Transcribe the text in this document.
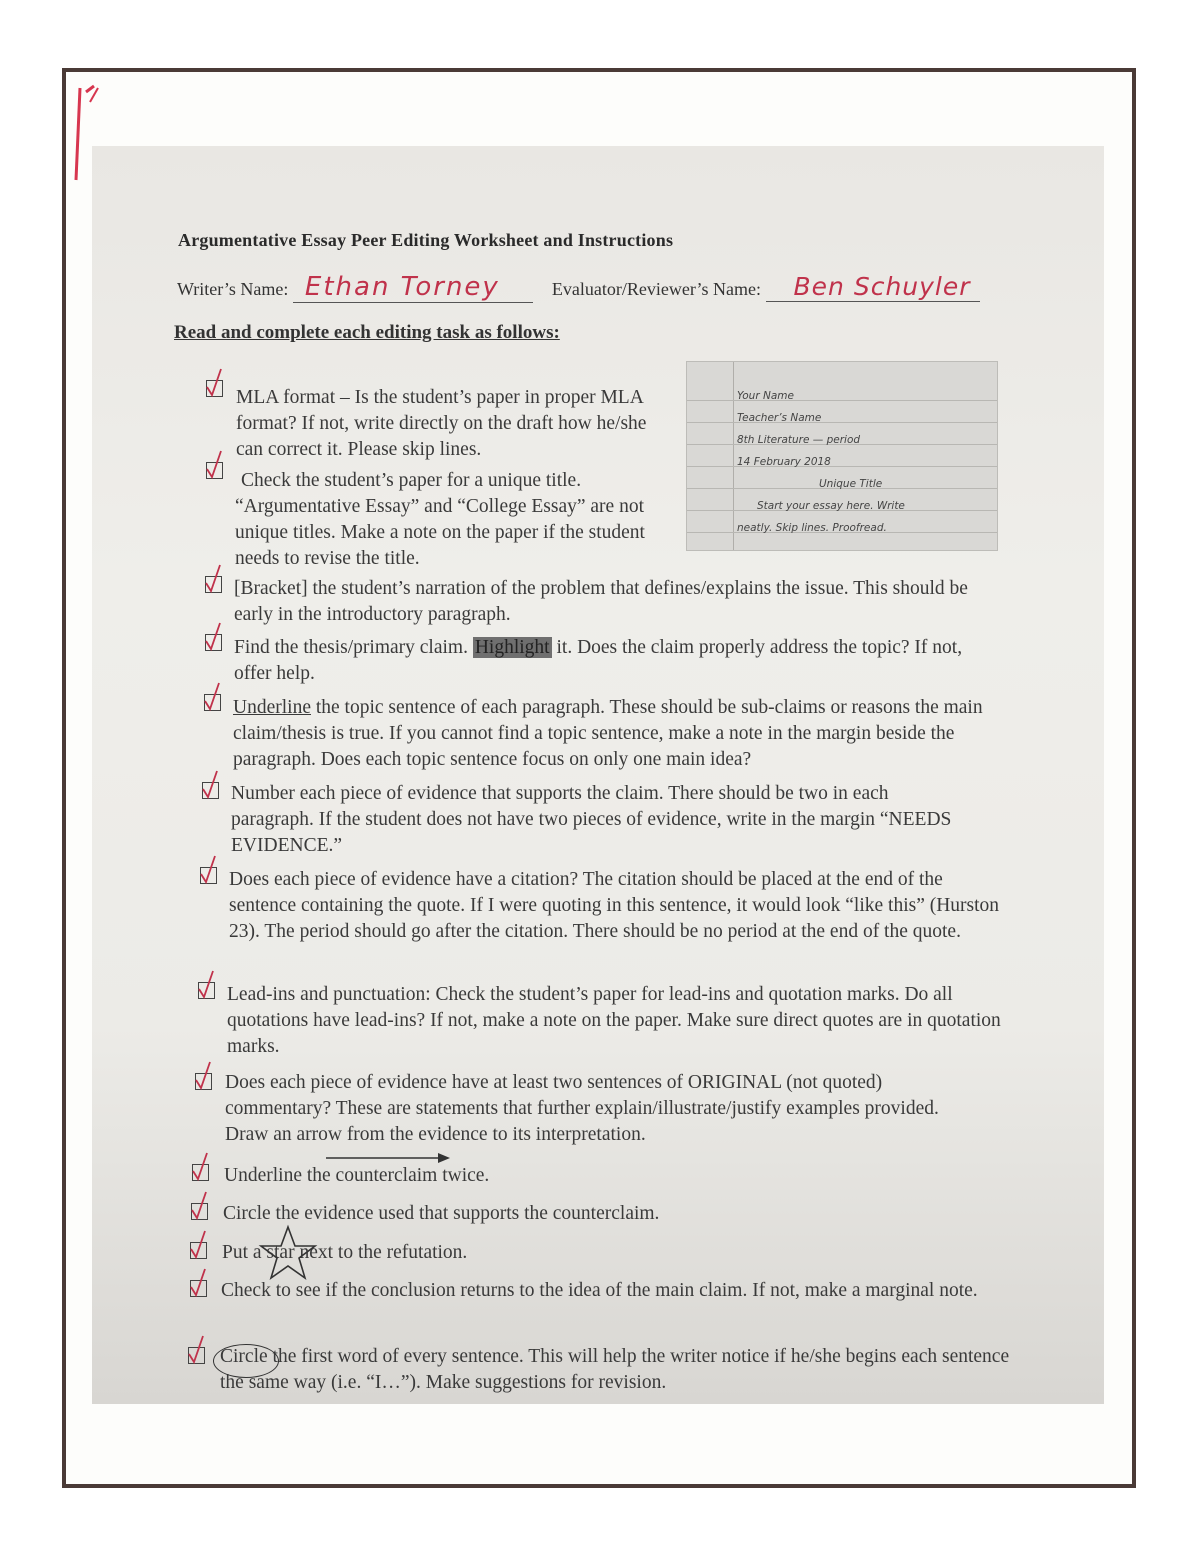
Argumentative Essay Peer Editing Worksheet and Instructions
Writer’s Name: Ethan Torney	Evaluator/Reviewer’s Name: Ben Schuyler
Read and complete each editing task as follows:
Your Name
Teacher’s Name
8th Literature — period
14 February 2018
Unique Title
Start your essay here. Write
neatly. Skip lines. Proofread.
MLA format – Is the student’s paper in proper MLA format? If not, write directly on the draft how he/she can correct it. Please skip lines.
Check the student’s paper for a unique title. “Argumentative Essay” and “College Essay” are not unique titles. Make a note on the paper if the student needs to revise the title.
[Bracket] the student’s narration of the problem that defines/explains the issue. This should be early in the introductory paragraph.
Find the thesis/primary claim. Highlight it. Does the claim properly address the topic? If not, offer help.
Underline the topic sentence of each paragraph. These should be sub-claims or reasons the main claim/thesis is true. If you cannot find a topic sentence, make a note in the margin beside the paragraph. Does each topic sentence focus on only one main idea?
Number each piece of evidence that supports the claim. There should be two in each paragraph. If the student does not have two pieces of evidence, write in the margin “NEEDS EVIDENCE.”
Does each piece of evidence have a citation? The citation should be placed at the end of the sentence containing the quote. If I were quoting in this sentence, it would look “like this” (Hurston 23). The period should go after the citation. There should be no period at the end of the quote.
Lead-ins and punctuation: Check the student’s paper for lead-ins and quotation marks. Do all quotations have lead-ins? If not, make a note on the paper. Make sure direct quotes are in quotation marks.
Does each piece of evidence have at least two sentences of ORIGINAL (not quoted) commentary? These are statements that further explain/illustrate/justify examples provided. Draw an arrow from the evidence to its interpretation.
Underline the counterclaim twice.
Circle the evidence used that supports the counterclaim.
Put a star next to the refutation.
Check to see if the conclusion returns to the idea of the main claim. If not, make a marginal note.
Circle the first word of every sentence. This will help the writer notice if he/she begins each sentence the same way (i.e. “I…”). Make suggestions for revision.
